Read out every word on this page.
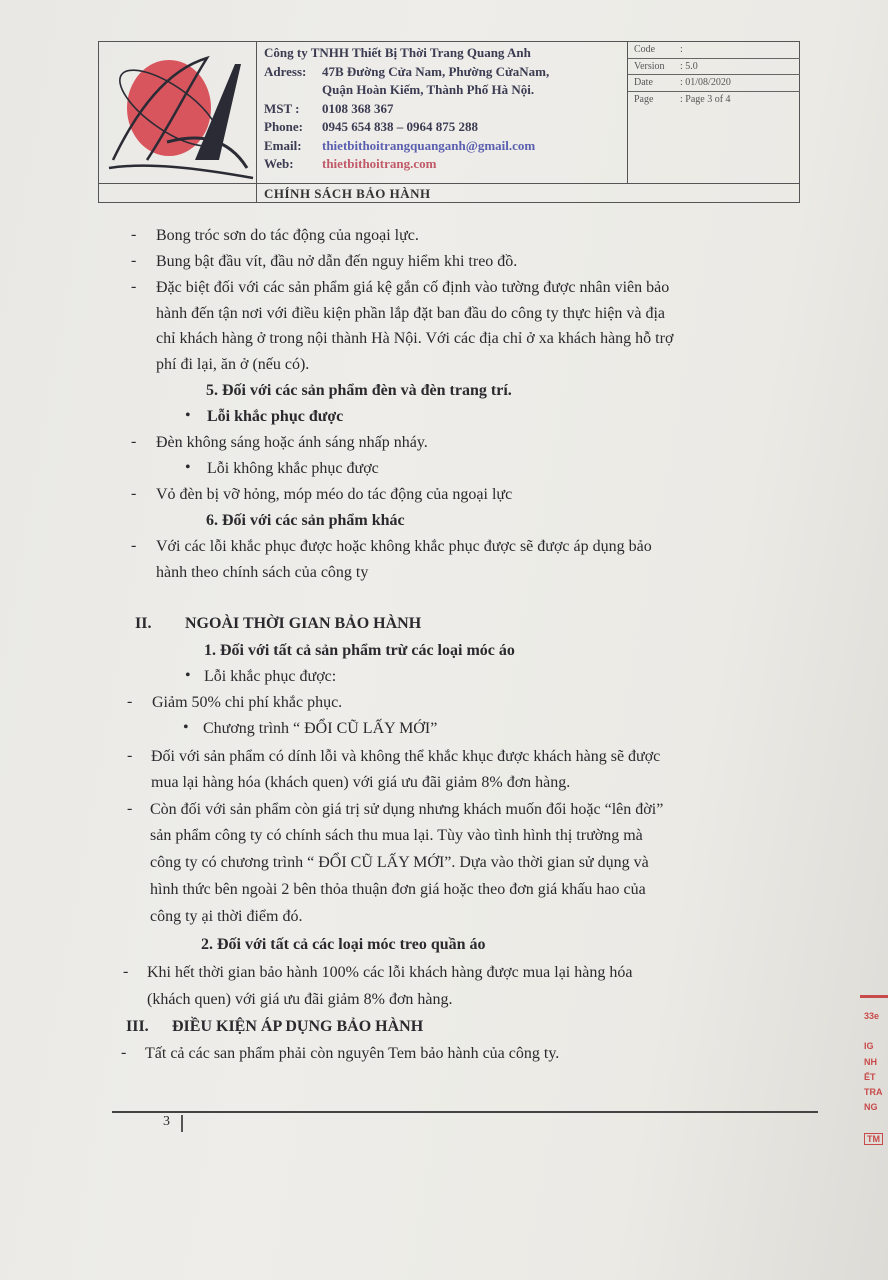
Công ty TNHH Thiết Bị Thời Trang Quang Anh
Adress:	47B Đường Cửa Nam, Phường CửaNam,
Quận Hoàn Kiếm, Thành Phố Hà Nội.
MST :	0108 368 367
Phone:	0945 654 838 – 0964 875 288
Email:	thietbithoitrangquanganh@gmail.com
Web:	thietbithoitrang.com
Code	:
Version	: 5.0
Date	: 01/08/2020
Page	: Page 3 of 4
CHÍNH SÁCH BẢO HÀNH
- Bong tróc sơn do tác động của ngoại lực.
- Bung bật đầu vít, đầu nở dẫn đến nguy hiểm khi treo đồ.
- Đặc biệt đối với các sản phẩm giá kệ gắn cố định vào tường được nhân viên bảo
hành đến tận nơi với điều kiện phần lắp đặt ban đầu do công ty thực hiện và địa
chỉ khách hàng ở trong nội thành Hà Nội. Với các địa chỉ ở xa khách hàng hỗ trợ
phí đi lại, ăn ở (nếu có).
5. Đối với các sản phẩm đèn và đèn trang trí.
• Lỗi khắc phục được
- Đèn không sáng hoặc ánh sáng nhấp nháy.
• Lỗi không khắc phục được
- Vỏ đèn bị vỡ hỏng, móp méo do tác động của ngoại lực
6. Đối với các sản phẩm khác
- Với các lỗi khắc phục được hoặc không khắc phục được sẽ được áp dụng bảo
hành theo chính sách của công ty
II. NGOÀI THỜI GIAN BẢO HÀNH
1. Đối với tất cả sản phẩm trừ các loại móc áo
• Lỗi khắc phục được:
- Giảm 50% chi phí khắc phục.
• Chương trình “ ĐỔI CŨ LẤY MỚI”
- Đối với sản phẩm có dính lỗi và không thể khắc khục được khách hàng sẽ được
mua lại hàng hóa (khách quen) với giá ưu đãi giảm 8% đơn hàng.
- Còn đối với sản phẩm còn giá trị sử dụng nhưng khách muốn đổi hoặc “lên đời”
sản phẩm công ty có chính sách thu mua lại. Tùy vào tình hình thị trường mà
công ty có chương trình “ ĐỔI CŨ LẤY MỚI”. Dựa vào thời gian sử dụng và
hình thức bên ngoài 2 bên thỏa thuận đơn giá hoặc theo đơn giá khấu hao của
công ty ại thời điểm đó.
2. Đối với tất cả các loại móc treo quần áo
- Khi hết thời gian bảo hành 100% các lỗi khách hàng được mua lại hàng hóa
(khách quen) với giá ưu đãi giảm 8% đơn hàng.
III. ĐIỀU KIỆN ÁP DỤNG BẢO HÀNH
- Tất cả các san phẩm phải còn nguyên Tem bảo hành của công ty.
3
33e
IG
NH
ẾT
TRA
NG
TM
